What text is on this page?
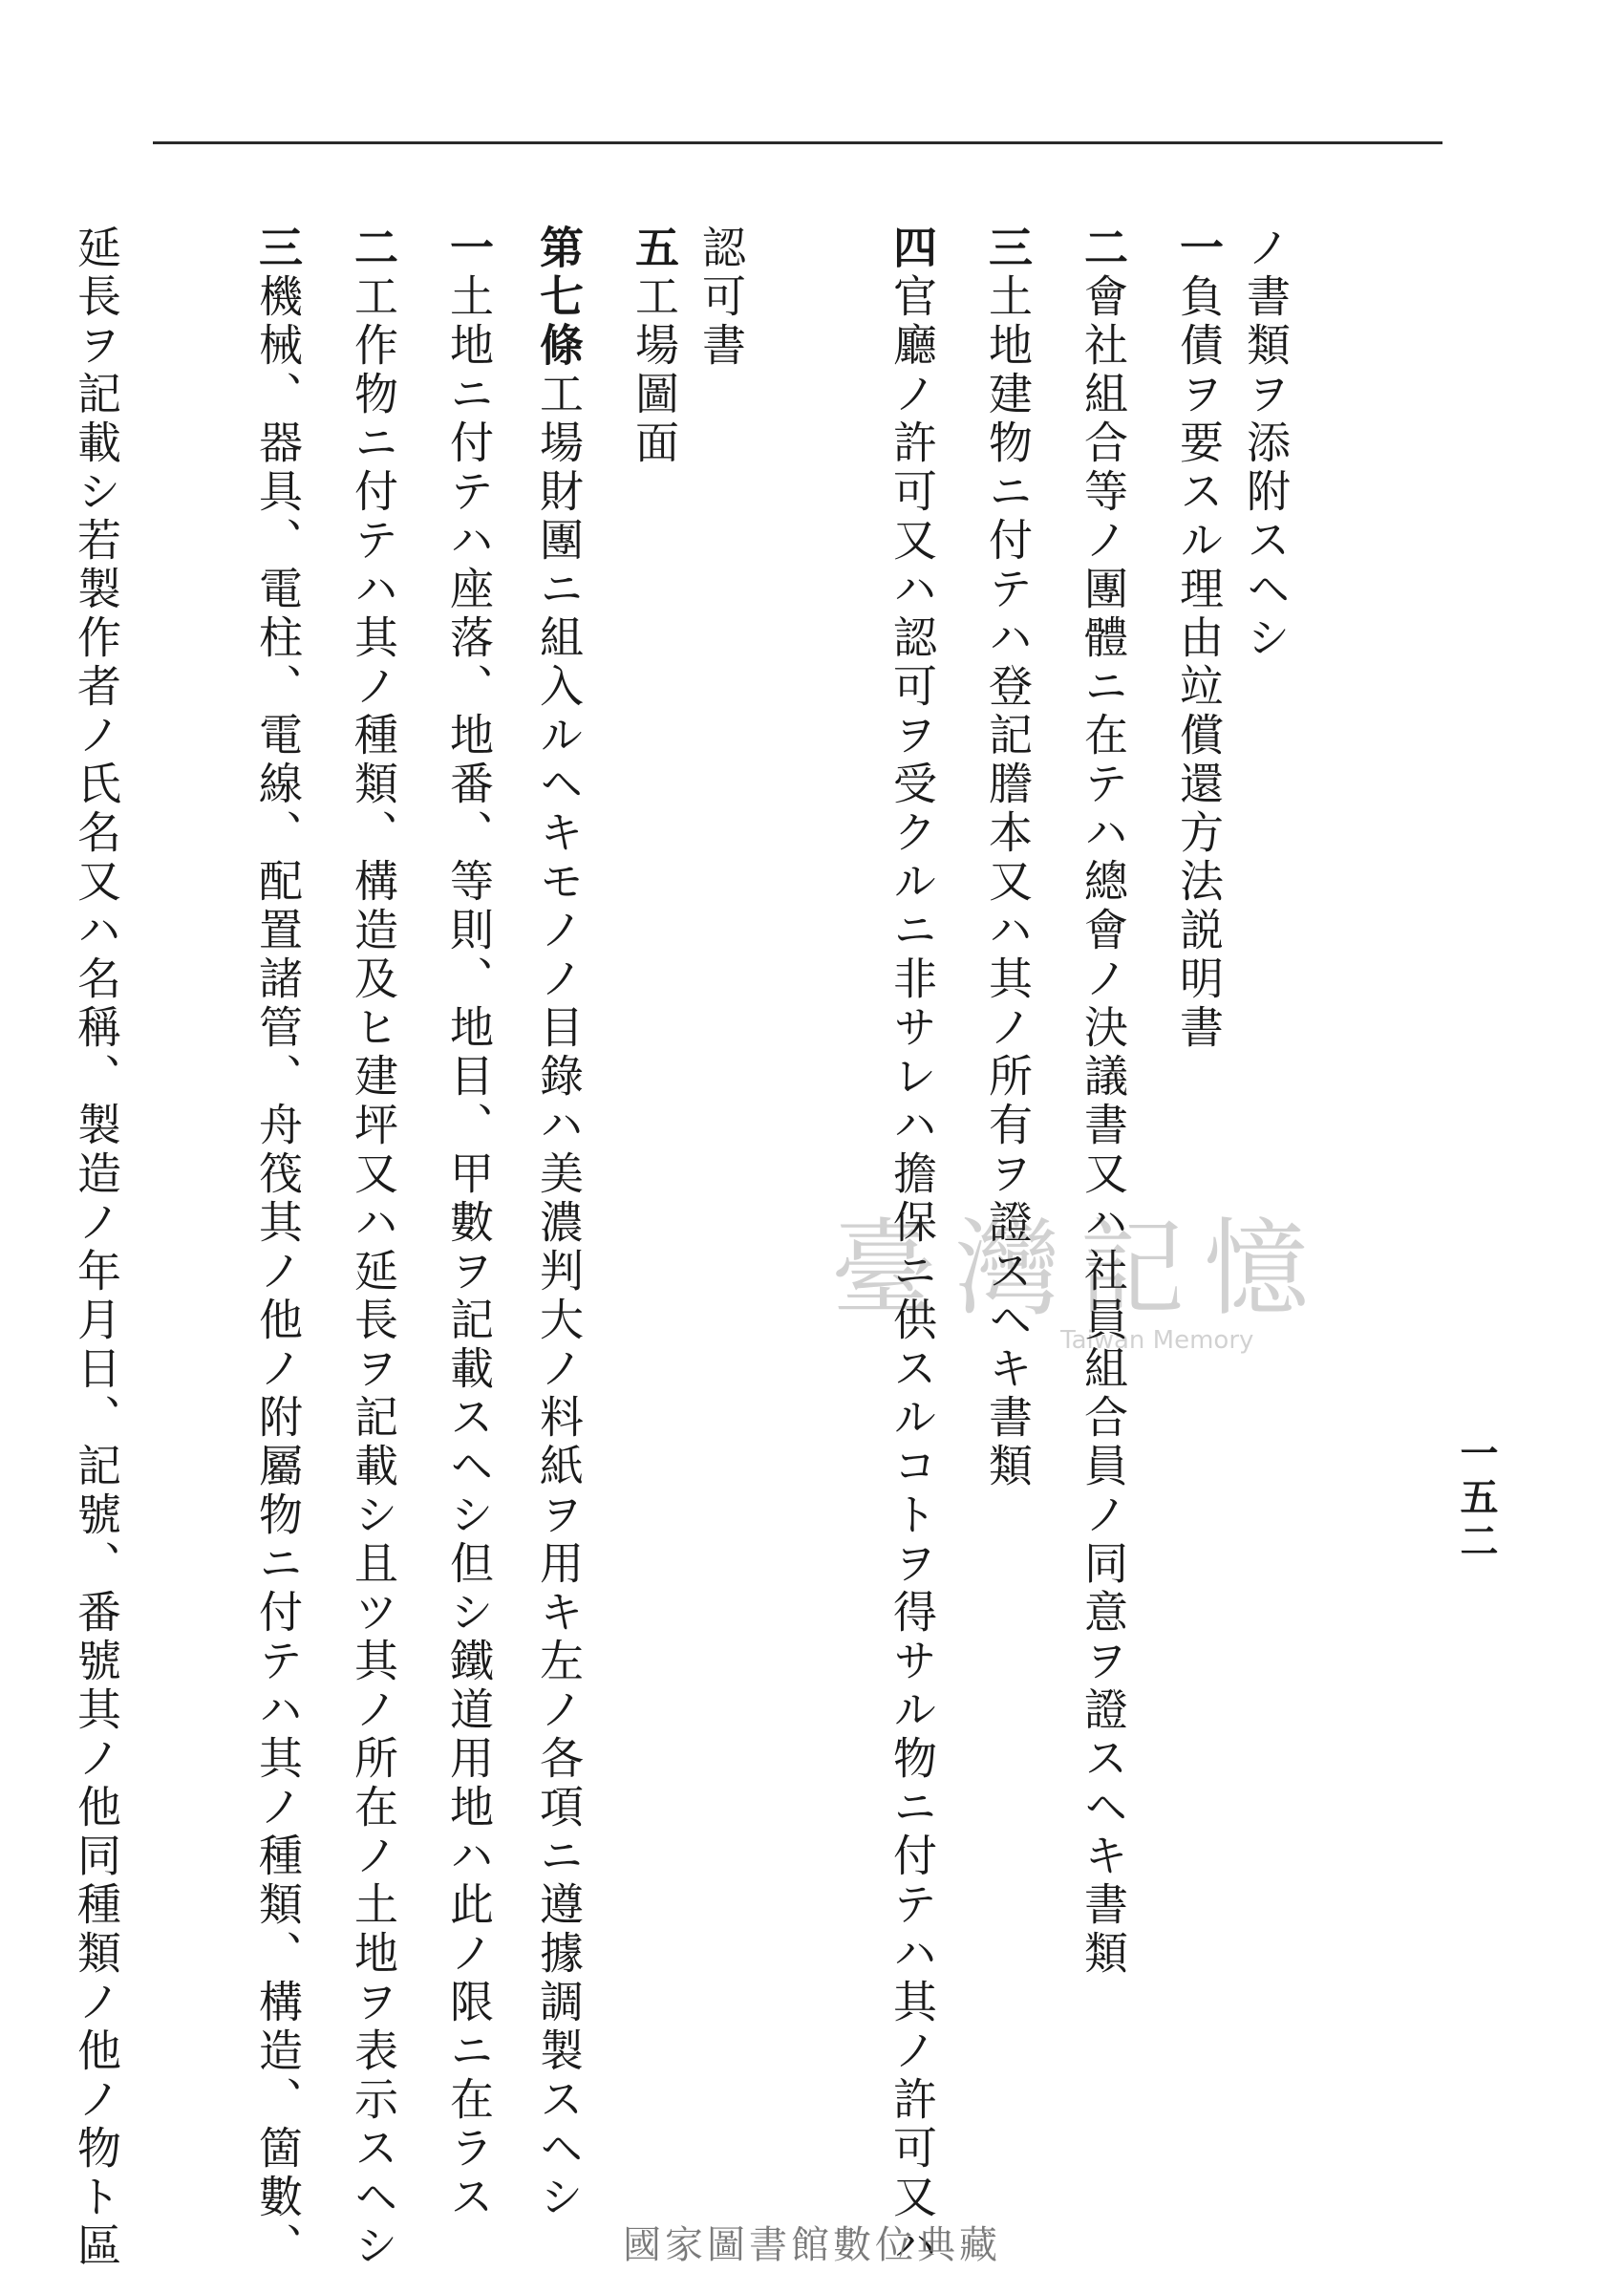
一五二
ノ書類ヲ添附スヘシ
一負債ヲ要スル理由竝償還方法説明書
二會社組合等ノ團體ニ在テハ總會ノ決議書又ハ社員組合員ノ同意ヲ證スヘキ書類
三土地建物ニ付テハ登記謄本又ハ其ノ所有ヲ證スヘキ書類
四官廳ノ許可又ハ認可ヲ受クルニ非サレハ擔保ニ供スルコトヲ得サル物ニ付テハ其ノ許可又ハ
認可書
五工場圖面
第七條工場財團ニ組入ルヘキモノノ目錄ハ美濃判大ノ料紙ヲ用キ左ノ各項ニ遵據調製スヘシ
一土地ニ付テハ座落、地番、等則、地目、甲數ヲ記載スヘシ但シ鐵道用地ハ此ノ限ニ在ラス
二工作物ニ付テハ其ノ種類、構造及ヒ建坪又ハ延長ヲ記載シ且ツ其ノ所在ノ土地ヲ表示スヘシ
三機械、器具、電柱、電線、配置諸管、舟筏其ノ他ノ附屬物ニ付テハ其ノ種類、構造、箇數、
延長ヲ記載シ若製作者ノ氏名又ハ名稱、製造ノ年月日、記號、番號其ノ他同種類ノ他ノ物ト區	臺灣記憶
Taiwan Memory
國家圖書館數位典藏
